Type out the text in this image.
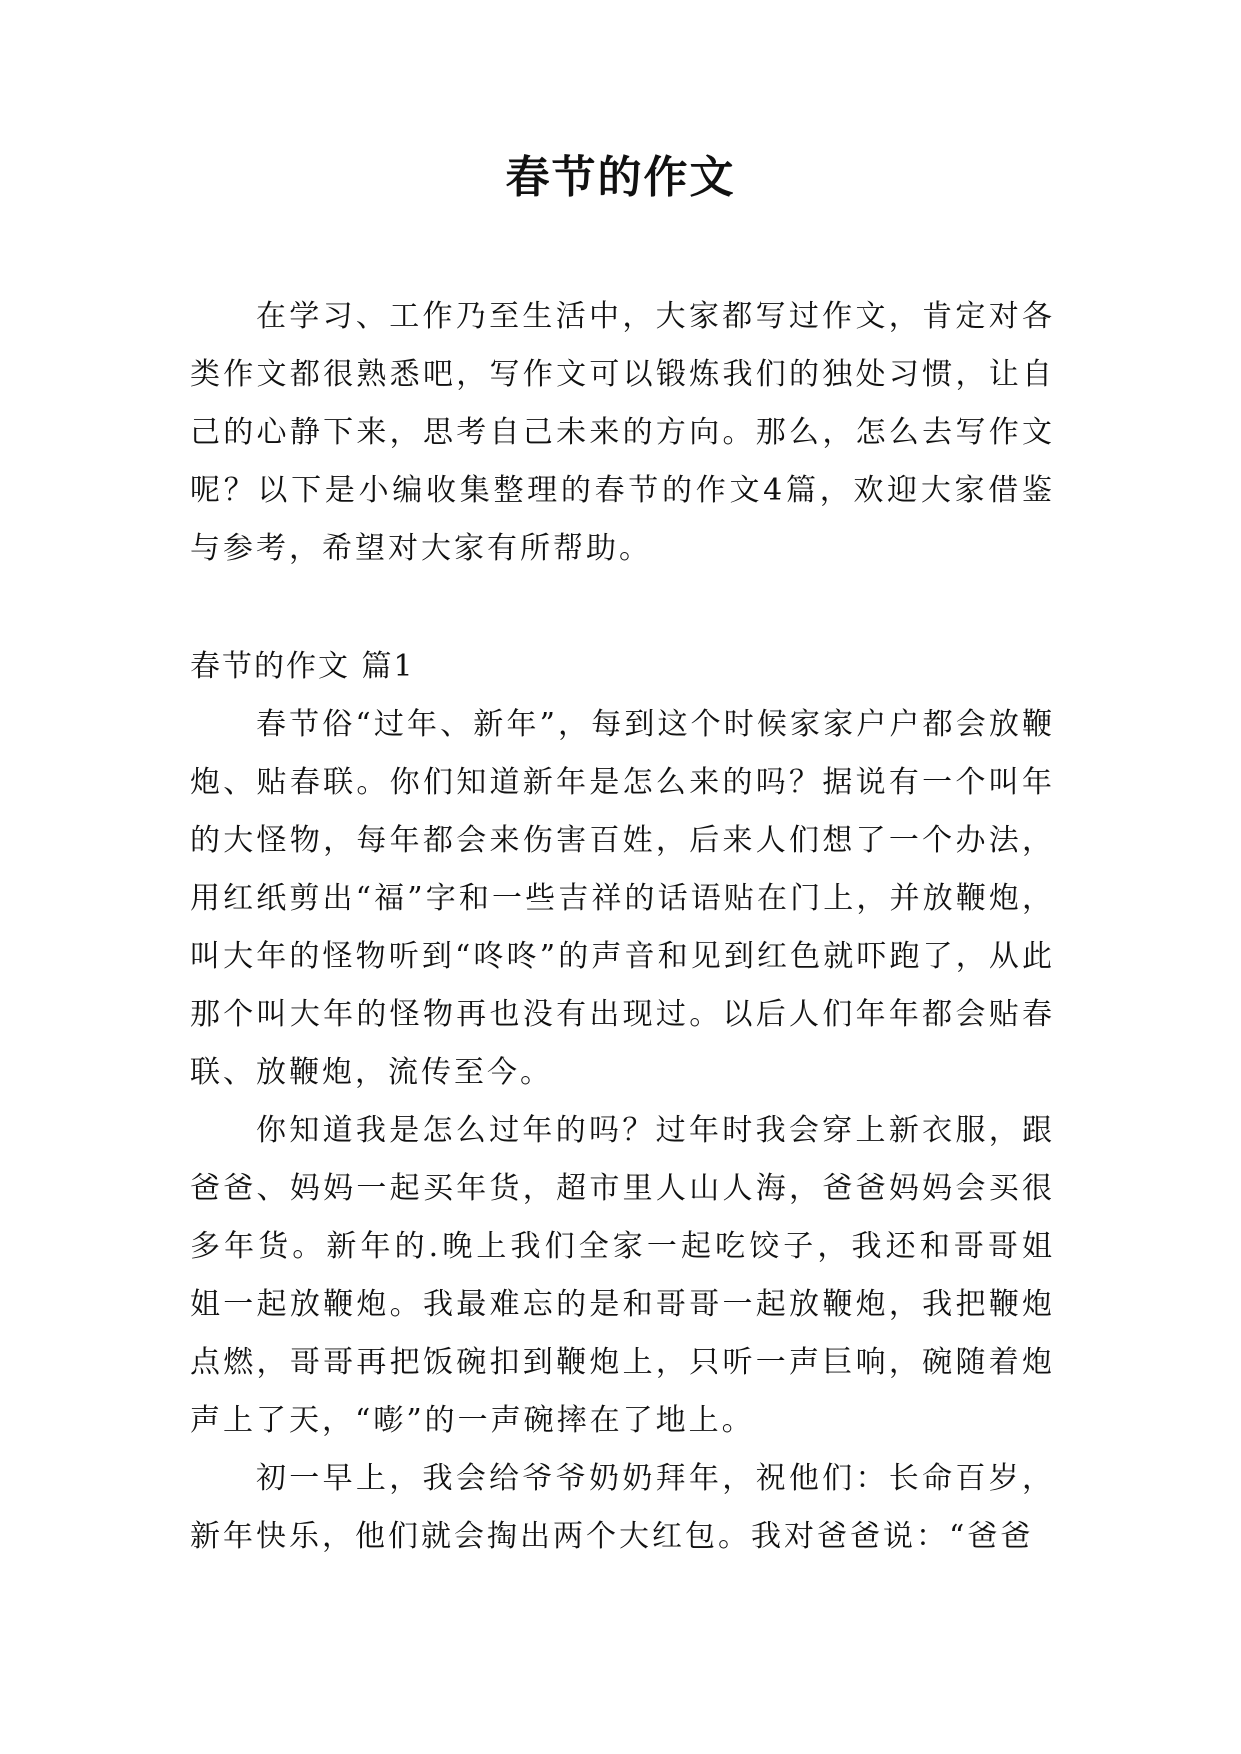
春节的作文

在学习、工作乃至生活中，大家都写过作文，肯定对各类作文都很熟悉吧，写作文可以锻炼我们的独处习惯，让自己的心静下来，思考自己未来的方向。那么，怎么去写作文呢？以下是小编收集整理的春节的作文4篇，欢迎大家借鉴与参考，希望对大家有所帮助。

春节的作文 篇1

春节俗“过年、新年”，每到这个时候家家户户都会放鞭炮、贴春联。你们知道新年是怎么来的吗？据说有一个叫年的大怪物，每年都会来伤害百姓，后来人们想了一个办法，用红纸剪出“福”字和一些吉祥的话语贴在门上，并放鞭炮，叫大年的怪物听到“咚咚”的声音和见到红色就吓跑了，从此那个叫大年的怪物再也没有出现过。以后人们年年都会贴春联、放鞭炮，流传至今。

你知道我是怎么过年的吗？过年时我会穿上新衣服，跟爸爸、妈妈一起买年货，超市里人山人海，爸爸妈妈会买很多年货。新年的.晚上我们全家一起吃饺子，我还和哥哥姐姐一起放鞭炮。我最难忘的是和哥哥一起放鞭炮，我把鞭炮点燃，哥哥再把饭碗扣到鞭炮上，只听一声巨响，碗随着炮声上了天，“嘭”的一声碗摔在了地上。

初一早上，我会给爷爷奶奶拜年，祝他们：长命百岁，新年快乐，他们就会掏出两个大红包。我对爸爸说：“爸爸
